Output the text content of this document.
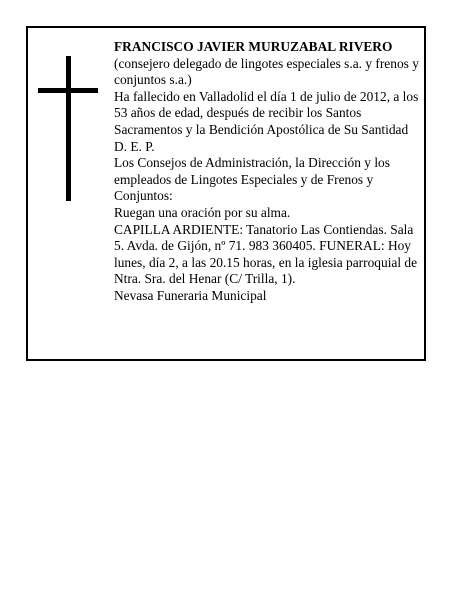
FRANCISCO JAVIER MURUZABAL RIVERO

(consejero delegado de lingotes especiales s.a. y frenos y conjuntos s.a.)

Ha fallecido en Valladolid el día 1 de julio de 2012, a los 53 años de edad, después de recibir los Santos Sacramentos y la Bendición Apostólica de Su Santidad

D. E. P.

Los Consejos de Administración, la Dirección y los empleados de Lingotes Especiales y de Frenos y Conjuntos:

Ruegan una oración por su alma.

CAPILLA ARDIENTE: Tanatorio Las Contiendas. Sala 5. Avda. de Gijón, nº 71. 983 360405. FUNERAL: Hoy lunes, día 2, a las 20.15 horas, en la iglesia parroquial de Ntra. Sra. del Henar (C/ Trilla, 1).

Nevasa Funeraria Municipal
